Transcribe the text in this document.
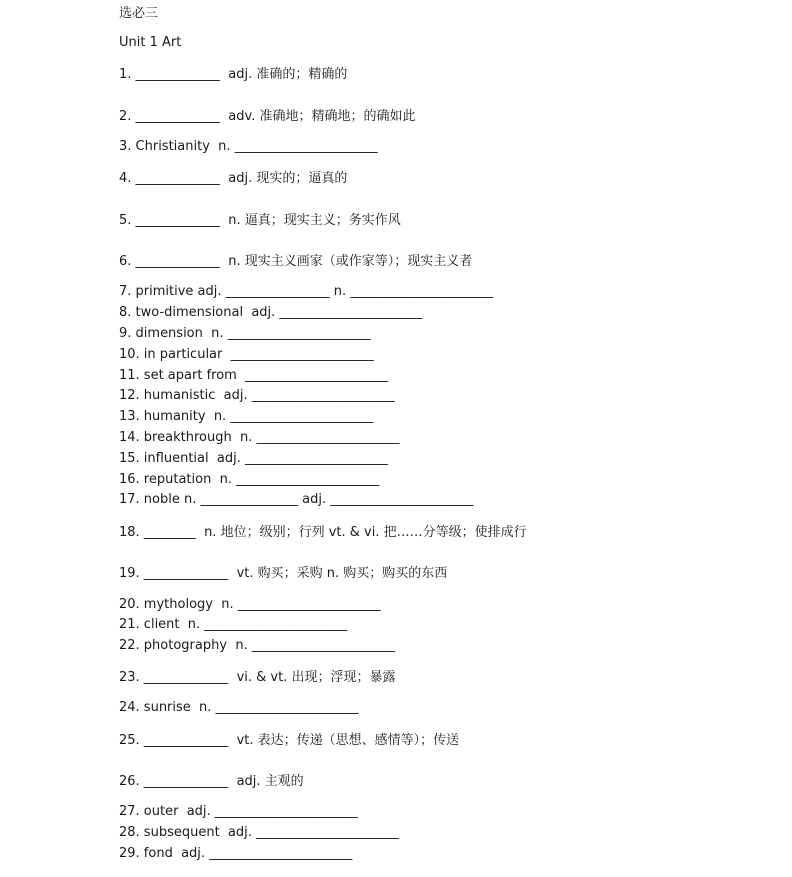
选必三
Unit 1 Art
1. _____________  adj. 准确的；精确的
2. _____________  adv. 准确地；精确地；的确如此
3. Christianity  n. ______________________
4. _____________  adj. 现实的；逼真的
5. _____________  n. 逼真；现实主义；务实作风
6. _____________  n. 现实主义画家（或作家等）；现实主义者
7. primitive adj. ________________ n. ______________________
8. two-dimensional  adj. ______________________
9. dimension  n. ______________________
10. in particular  ______________________
11. set apart from  ______________________
12. humanistic  adj. ______________________
13. humanity  n. ______________________
14. breakthrough  n. ______________________
15. influential  adj. ______________________
16. reputation  n. ______________________
17. noble n. _______________ adj. ______________________
18. ________  n. 地位；级别；行列 vt. & vi. 把……分等级；使排成行
19. _____________  vt. 购买；采购 n. 购买；购买的东西
20. mythology  n. ______________________
21. client  n. ______________________
22. photography  n. ______________________
23. _____________  vi. & vt. 出现；浮现；暴露
24. sunrise  n. ______________________
25. _____________  vt. 表达；传递（思想、感情等）；传送
26. _____________  adj. 主观的
27. outer  adj. ______________________
28. subsequent  adj. ______________________
29. fond  adj. ______________________
